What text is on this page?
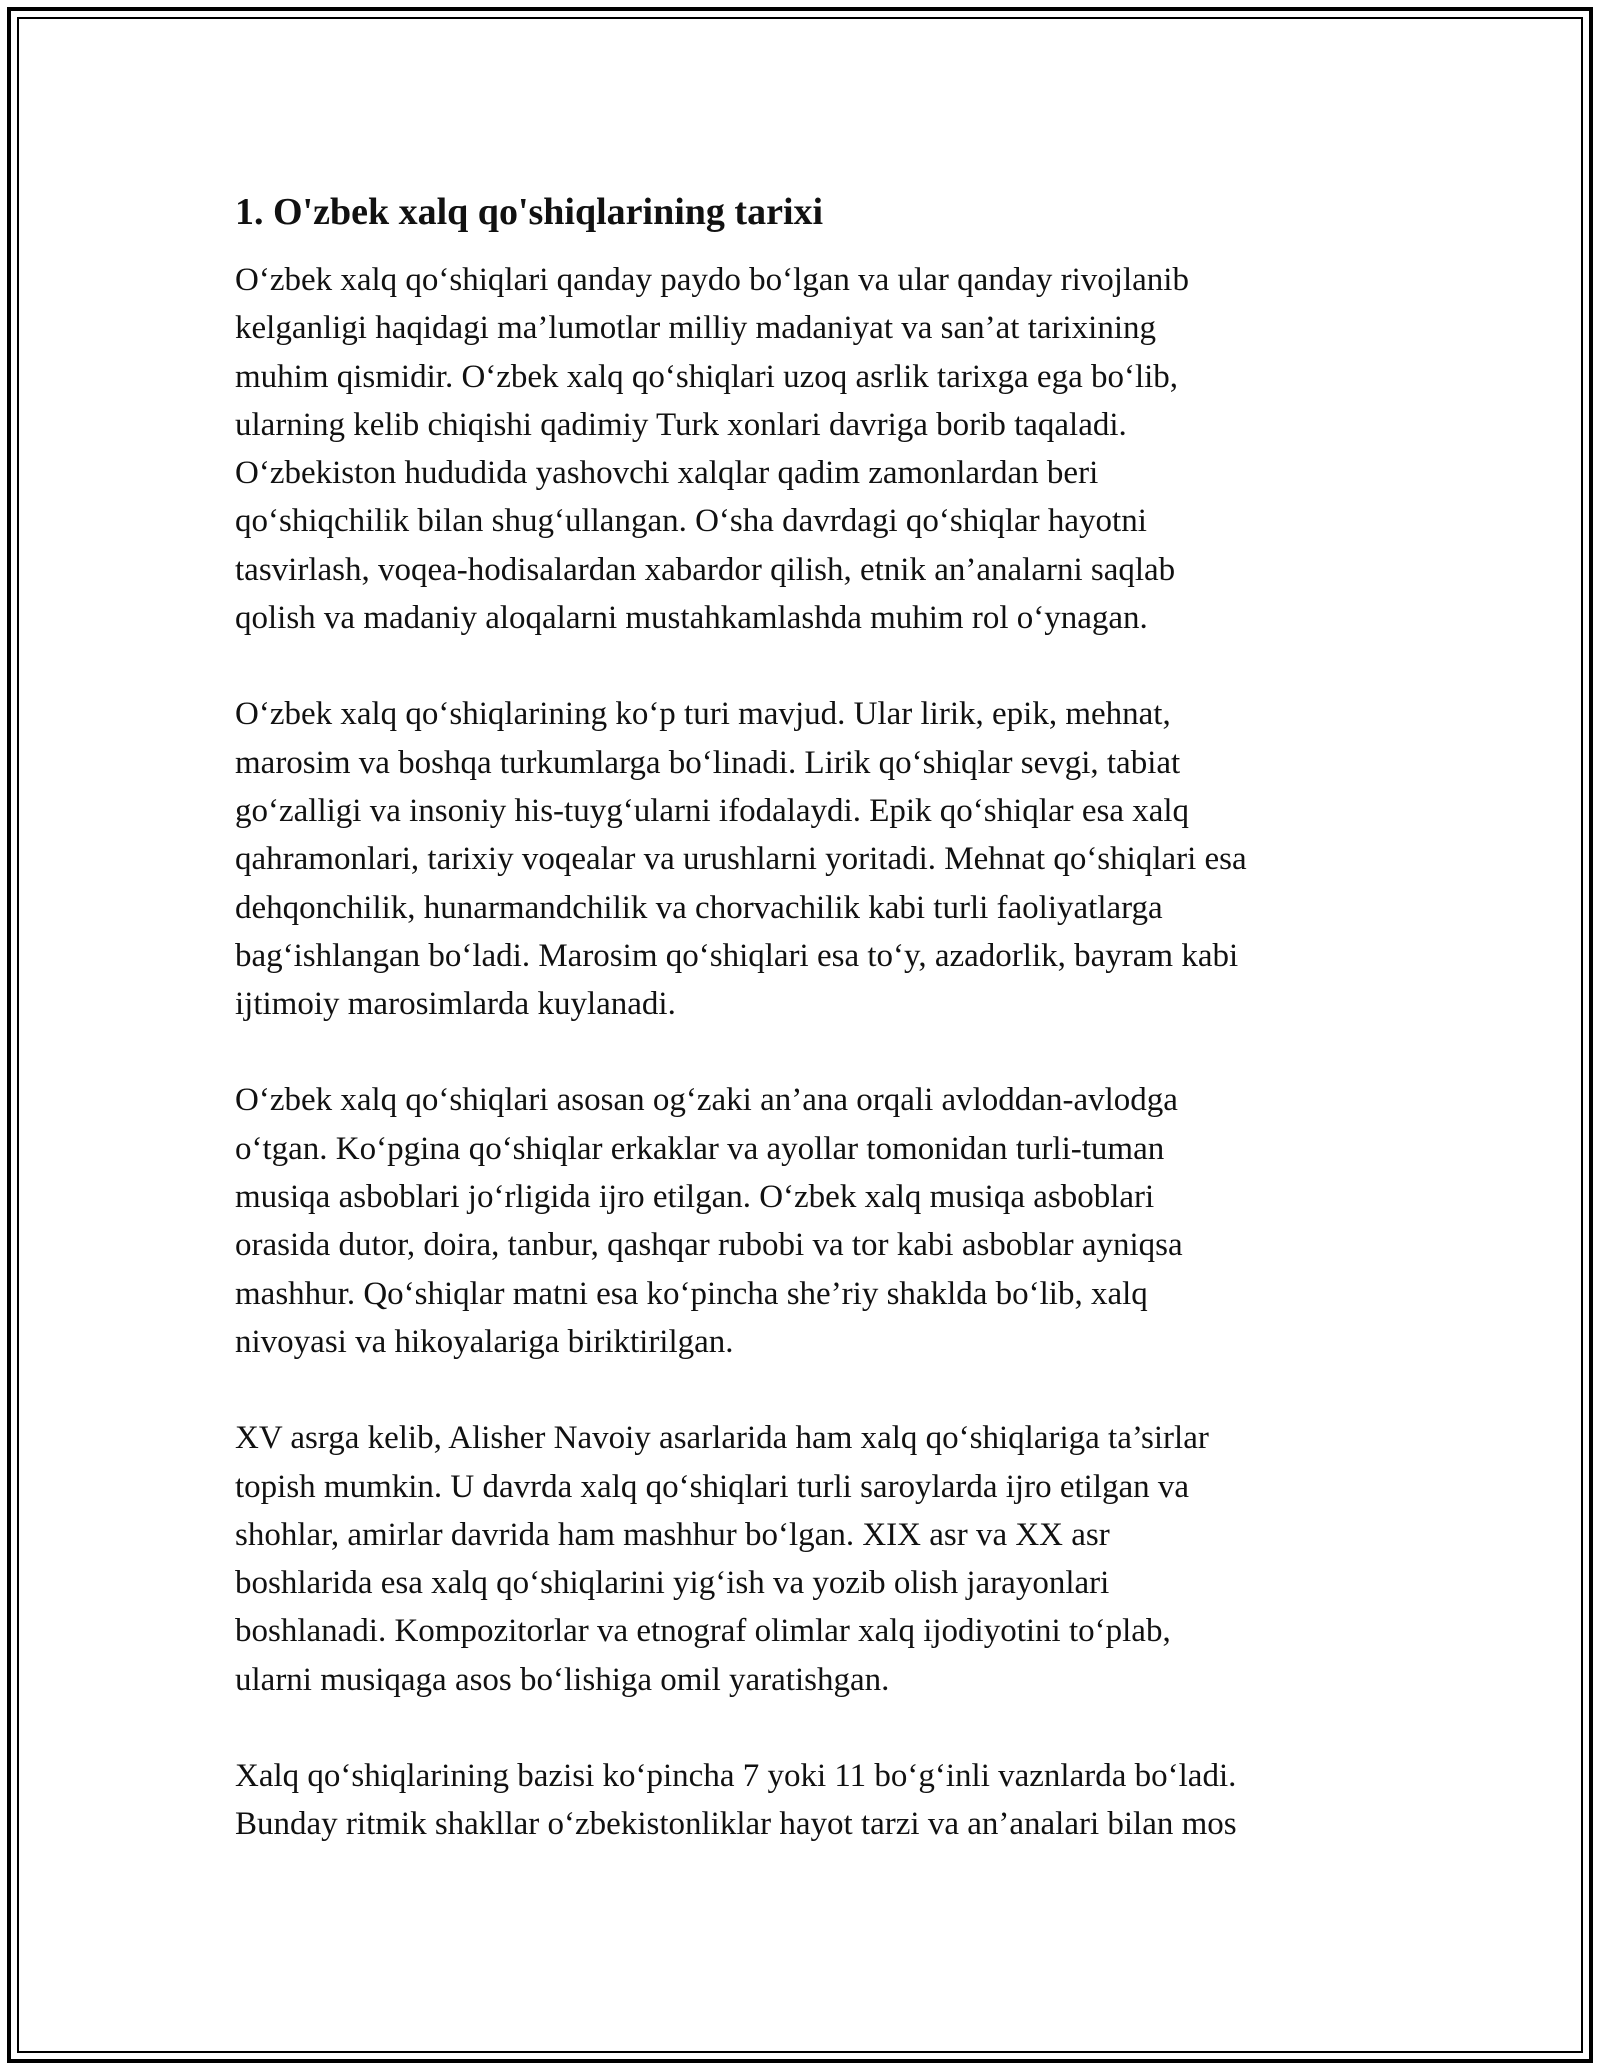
1. O'zbek xalq qo'shiqlarining tarixi

O‘zbek xalq qo‘shiqlari qanday paydo bo‘lgan va ular qanday rivojlanib
kelganligi haqidagi ma’lumotlar milliy madaniyat va san’at tarixining
muhim qismidir. O‘zbek xalq qo‘shiqlari uzoq asrlik tarixga ega bo‘lib,
ularning kelib chiqishi qadimiy Turk xonlari davriga borib taqaladi.
O‘zbekiston hududida yashovchi xalqlar qadim zamonlardan beri
qo‘shiqchilik bilan shug‘ullangan. O‘sha davrdagi qo‘shiqlar hayotni
tasvirlash, voqea-hodisalardan xabardor qilish, etnik an’analarni saqlab
qolish va madaniy aloqalarni mustahkamlashda muhim rol o‘ynagan.

O‘zbek xalq qo‘shiqlarining ko‘p turi mavjud. Ular lirik, epik, mehnat,
marosim va boshqa turkumlarga bo‘linadi. Lirik qo‘shiqlar sevgi, tabiat
go‘zalligi va insoniy his-tuyg‘ularni ifodalaydi. Epik qo‘shiqlar esa xalq
qahramonlari, tarixiy voqealar va urushlarni yoritadi. Mehnat qo‘shiqlari esa
dehqonchilik, hunarmandchilik va chorvachilik kabi turli faoliyatlarga
bag‘ishlangan bo‘ladi. Marosim qo‘shiqlari esa to‘y, azadorlik, bayram kabi
ijtimoiy marosimlarda kuylanadi.

O‘zbek xalq qo‘shiqlari asosan og‘zaki an’ana orqali avloddan-avlodga
o‘tgan. Ko‘pgina qo‘shiqlar erkaklar va ayollar tomonidan turli-tuman
musiqa asboblari jo‘rligida ijro etilgan. O‘zbek xalq musiqa asboblari
orasida dutor, doira, tanbur, qashqar rubobi va tor kabi asboblar ayniqsa
mashhur. Qo‘shiqlar matni esa ko‘pincha she’riy shaklda bo‘lib, xalq
nivoyasi va hikoyalariga biriktirilgan.

XV asrga kelib, Alisher Navoiy asarlarida ham xalq qo‘shiqlariga ta’sirlar
topish mumkin. U davrda xalq qo‘shiqlari turli saroylarda ijro etilgan va
shohlar, amirlar davrida ham mashhur bo‘lgan. XIX asr va XX asr
boshlarida esa xalq qo‘shiqlarini yig‘ish va yozib olish jarayonlari
boshlanadi. Kompozitorlar va etnograf olimlar xalq ijodiyotini to‘plab,
ularni musiqaga asos bo‘lishiga omil yaratishgan.

Xalq qo‘shiqlarining bazisi ko‘pincha 7 yoki 11 bo‘g‘inli vaznlarda bo‘ladi.
Bunday ritmik shakllar o‘zbekistonliklar hayot tarzi va an’analari bilan mos
